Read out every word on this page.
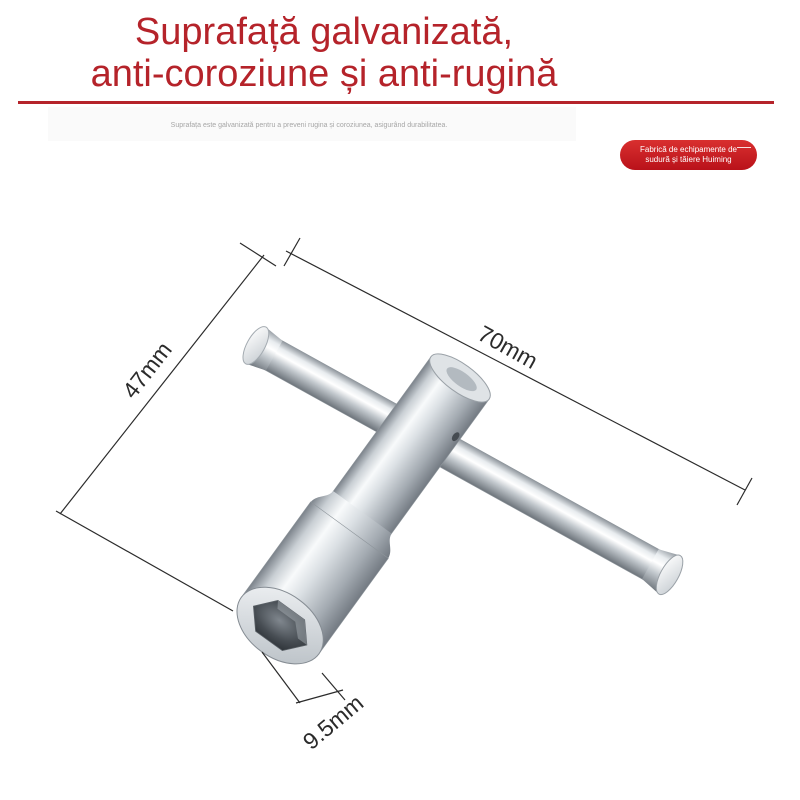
Suprafață galvanizată,
anti-coroziune și anti-rugină
Suprafața este galvanizată pentru a preveni rugina și coroziunea, asigurând durabilitatea.
Fabrică de echipamente de
sudură și tăiere Huiming
47mm	70mm
9.5mm
